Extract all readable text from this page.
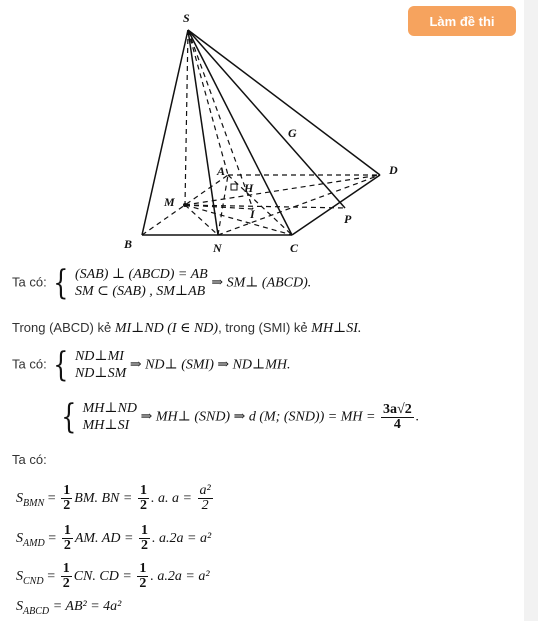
Làm đề thi
S
A
B	C
D
G
H
I
M
N
P
Ta có: { (SAB) ⊥ (ABCD) = AB
SM ⊂ (SAB) , SM⊥AB
⇒ SM⊥ (ABCD).
Trong (ABCD) kẻ MI⊥ND (I ∈ ND), trong (SMI) kẻ MH⊥SI.
Ta có: { ND⊥MI
ND⊥SM
⇒ ND⊥ (SMI) ⇒ ND⊥MH.
{ MH⊥ND
MH⊥SI
⇒ MH⊥ (SND) ⇒ d (M; (SND)) = MH = $\frac{3a√2}{4}$ .
Ta có:
$S_{BMN} = \frac{1}{2}$ BM. BN = $\frac{1}{2}$ . a. $a = \frac{\text{a²}}{2}$
$S_{AMD} = \frac{1}{2}$ AM. AD = $\frac{1}{2}$ . a.2a = a²
$S_{CND} = \frac{1}{2}$ CN. CD = $\frac{1}{2}$ . a.2a = a²
$S_{ABCD} = AB^2 = 4a^2$
